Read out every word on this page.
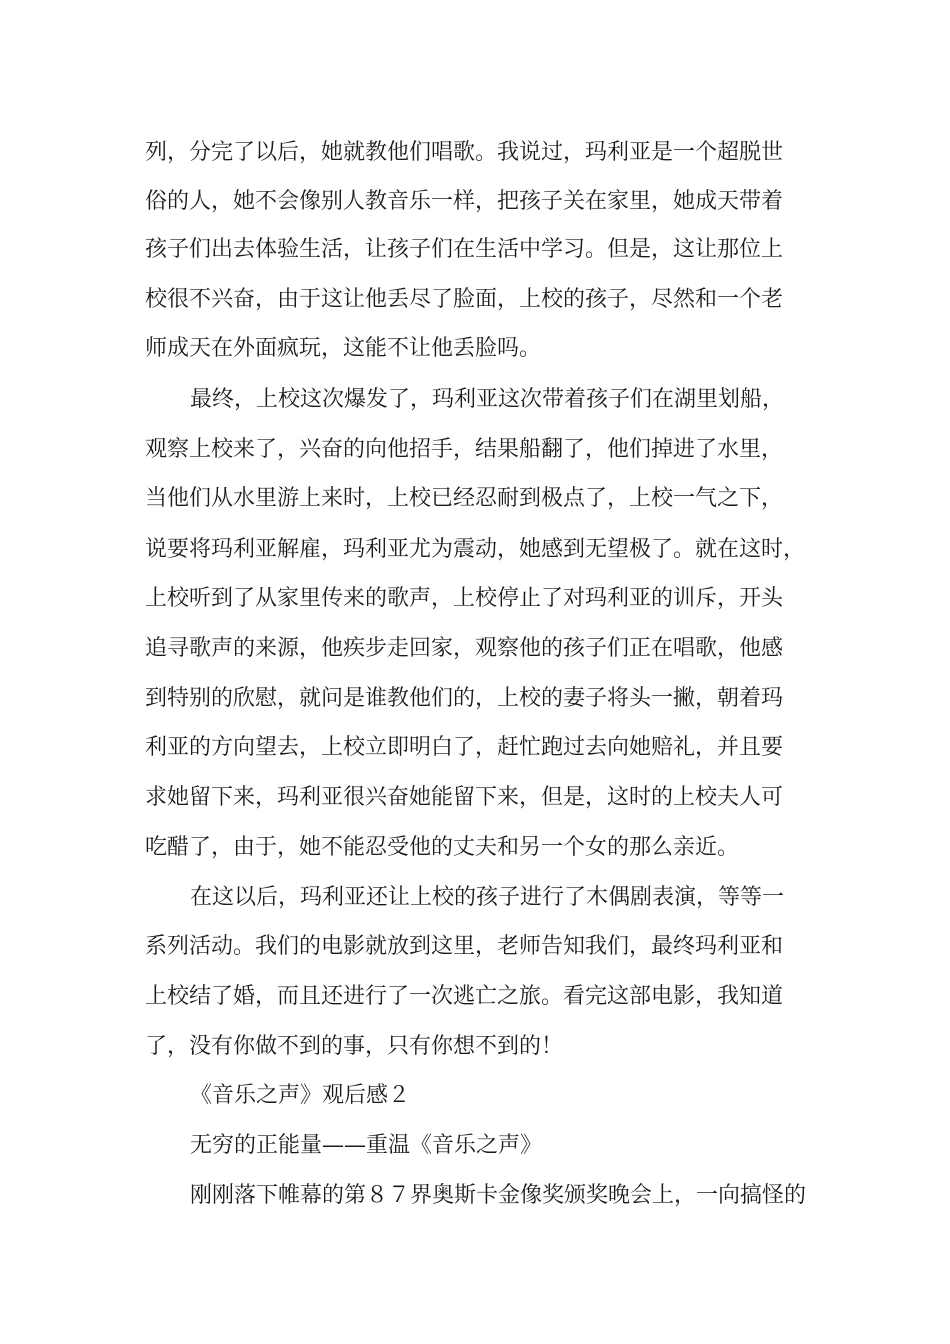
列，分完了以后，她就教他们唱歌。我说过，玛利亚是一个超脱世
俗的人，她不会像别人教音乐一样，把孩子关在家里，她成天带着
孩子们出去体验生活，让孩子们在生活中学习。但是，这让那位上
校很不兴奋，由于这让他丢尽了脸面，上校的孩子，尽然和一个老
师成天在外面疯玩，这能不让他丢脸吗。
最终，上校这次爆发了，玛利亚这次带着孩子们在湖里划船，
观察上校来了，兴奋的向他招手，结果船翻了，他们掉进了水里，
当他们从水里游上来时，上校已经忍耐到极点了，上校一气之下，
说要将玛利亚解雇，玛利亚尤为震动，她感到无望极了。就在这时，
上校听到了从家里传来的歌声，上校停止了对玛利亚的训斥，开头
追寻歌声的来源，他疾步走回家，观察他的孩子们正在唱歌，他感
到特别的欣慰，就问是谁教他们的，上校的妻子将头一撇，朝着玛
利亚的方向望去，上校立即明白了，赶忙跑过去向她赔礼，并且要
求她留下来，玛利亚很兴奋她能留下来，但是，这时的上校夫人可
吃醋了，由于，她不能忍受他的丈夫和另一个女的那么亲近。
在这以后，玛利亚还让上校的孩子进行了木偶剧表演，等等一
系列活动。我们的电影就放到这里，老师告知我们，最终玛利亚和
上校结了婚，而且还进行了一次逃亡之旅。看完这部电影，我知道
了，没有你做不到的事，只有你想不到的！
《音乐之声》观后感２
无穷的正能量——重温《音乐之声》
刚刚落下帷幕的第８７界奥斯卡金像奖颁奖晚会上，一向搞怪的
